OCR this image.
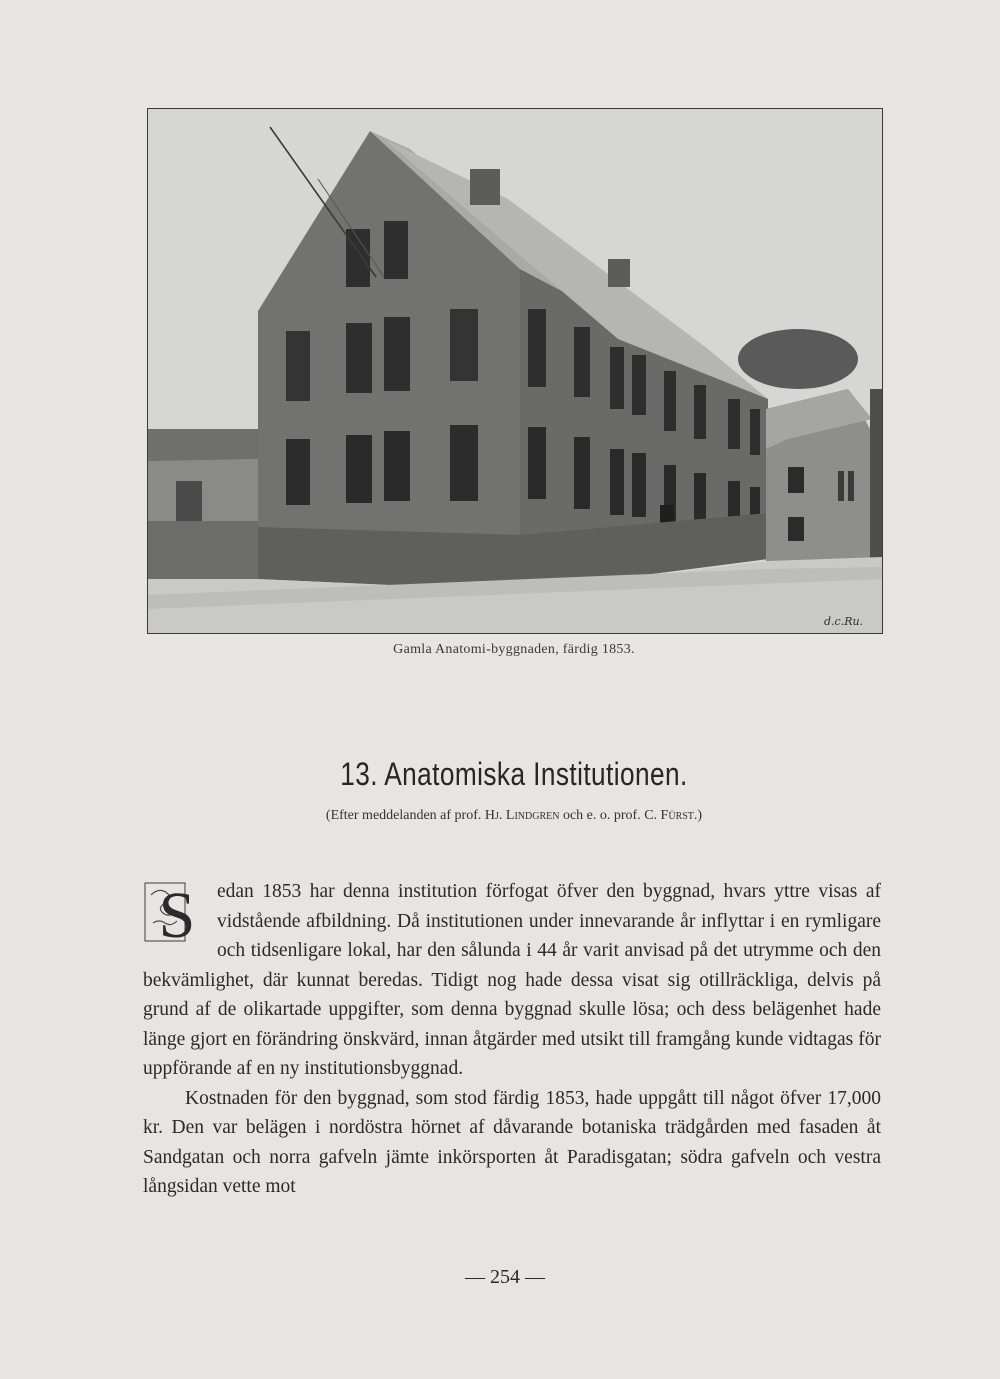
d.c.Ru.
Gamla Anatomi-byggnaden, färdig 1853.
13. Anatomiska Institutionen.
(Efter meddelanden af prof. Hj. Lindgren och e. o. prof. C. Fürst.)

S edan 1853 har denna institution förfogat öfver den byggnad, hvars yttre visas af vidstående afbildning. Då institutionen under innevarande år inflyttar i en rymligare och tidsenligare lokal, har den sålunda i 44 år varit anvisad på det utrymme och den bekvämlighet, där kunnat beredas. Tidigt nog hade dessa visat sig otillräckliga, delvis på grund af de olikartade uppgifter, som denna byggnad skulle lösa; och dess belägenhet hade länge gjort en förändring önskvärd, innan åtgärder med utsikt till framgång kunde vidtagas för uppförande af en ny institutionsbyggnad.

Kostnaden för den byggnad, som stod färdig 1853, hade uppgått till något öfver 17,000 kr. Den var belägen i nordöstra hörnet af dåvarande botaniska trädgården med fasaden åt Sandgatan och norra gafveln jämte inkörsporten åt Paradisgatan; södra gafveln och vestra långsidan vette mot

— 254 —
